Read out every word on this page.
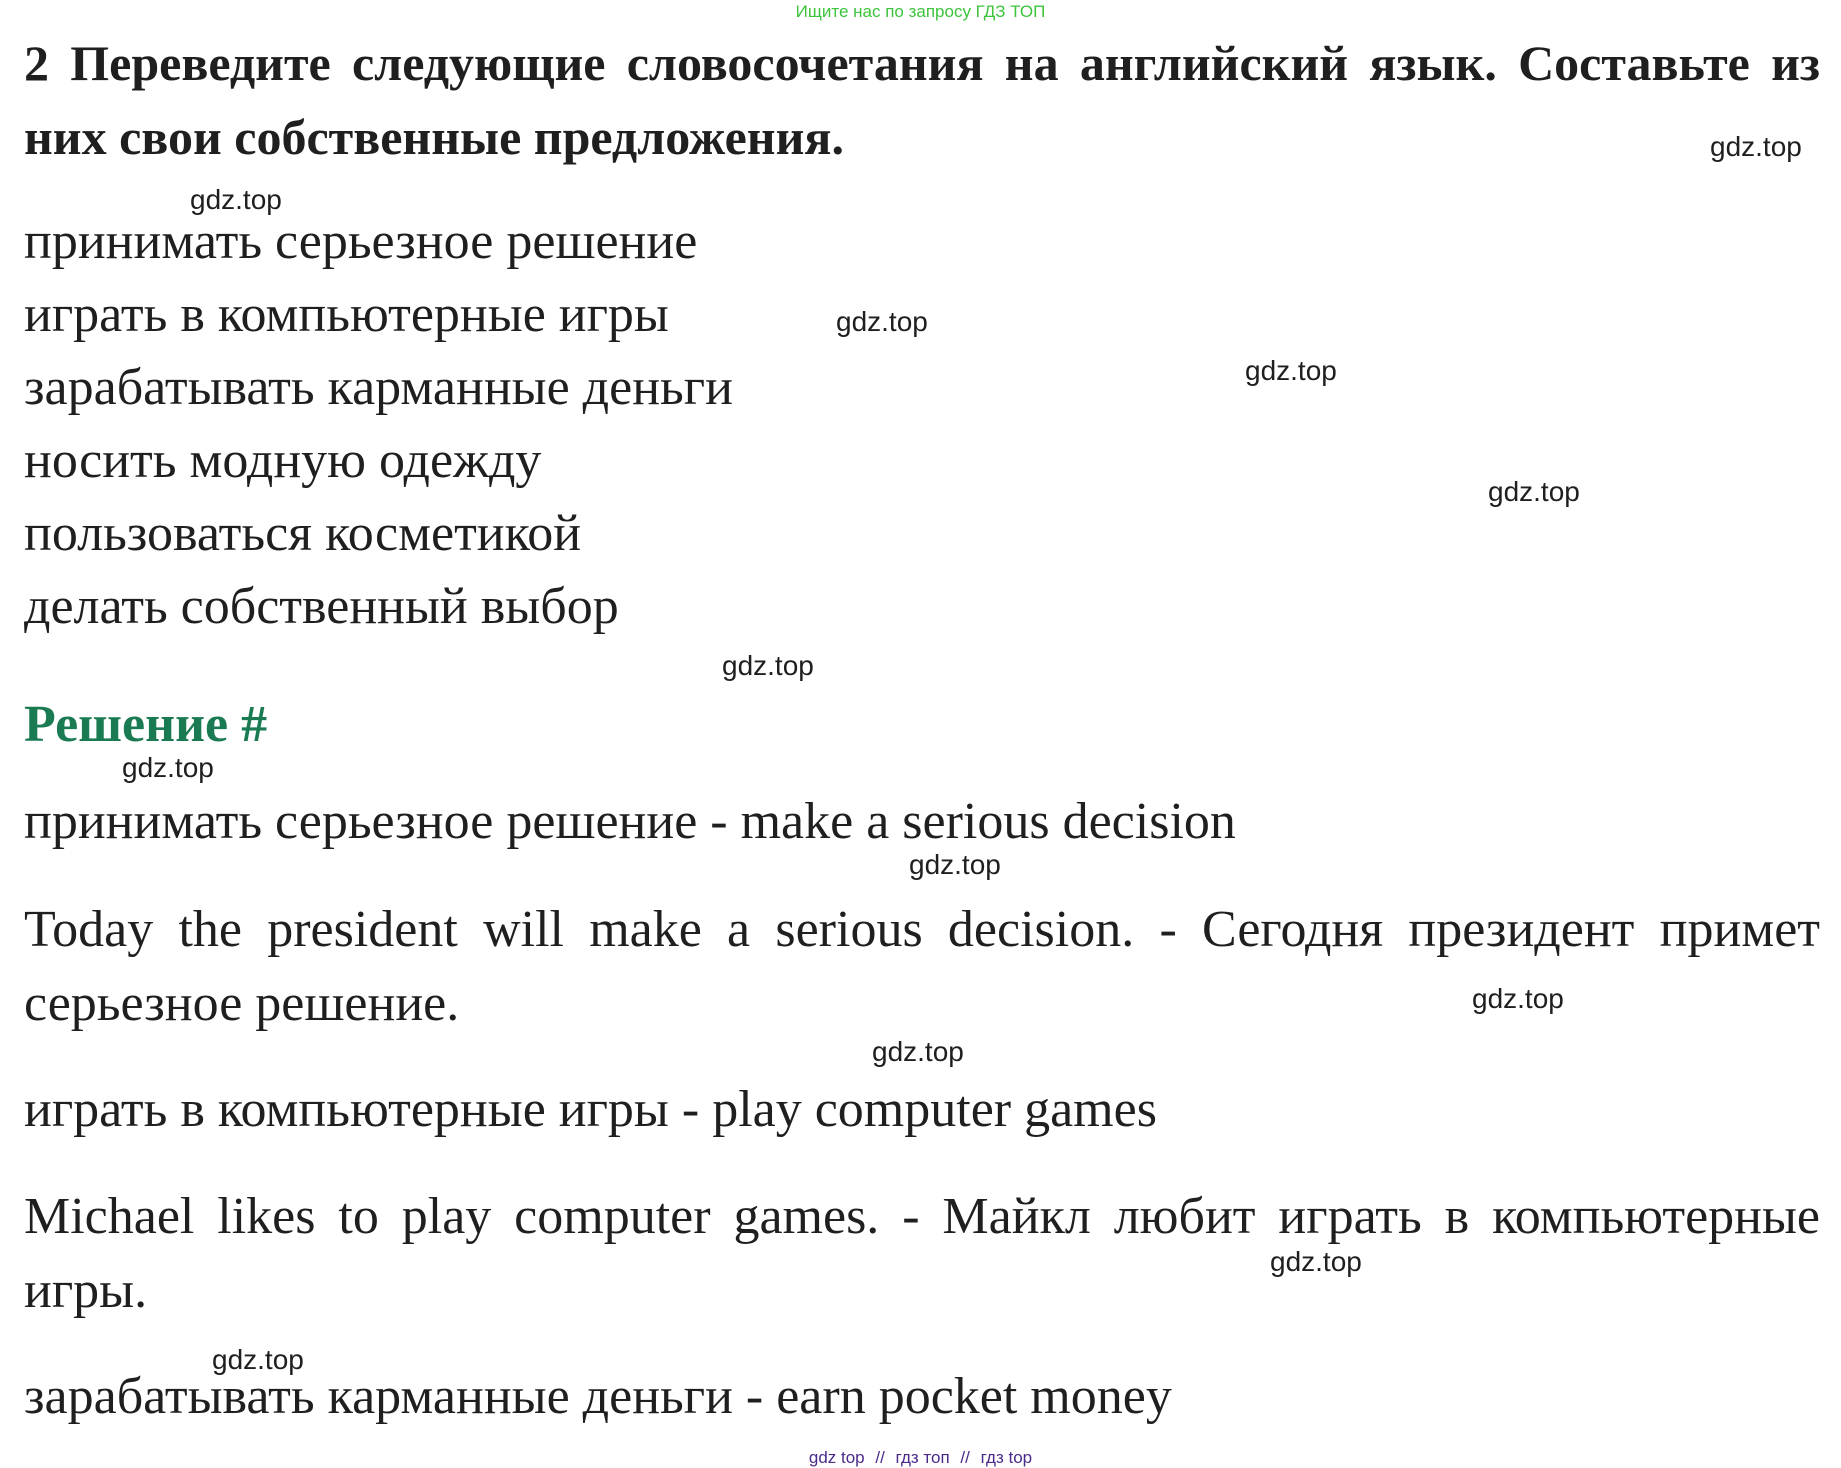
Ищите нас по запросу ГДЗ ТОП
2 Переведите следующие словосочетания на английский язык. Составьте из них свои собственные предложения.

принимать серьезное решение

играть в компьютерные игры

зарабатывать карманные деньги

носить модную одежду

пользоваться косметикой

делать собственный выбор

Решение #

принимать серьезное решение - make a serious decision

Today the president will make a serious decision. - Сегодня президент примет серьезное решение.

играть в компьютерные игры - play computer games

Michael likes to play computer games. - Майкл любит играть в компьютерные игры.

зарабатывать карманные деньги - earn pocket money

gdz.top
gdz.top
gdz.top
gdz.top
gdz.top
gdz.top
gdz.top
gdz.top
gdz.top
gdz.top
gdz.top
gdz.top
gdz top // гдз топ // гдз top
